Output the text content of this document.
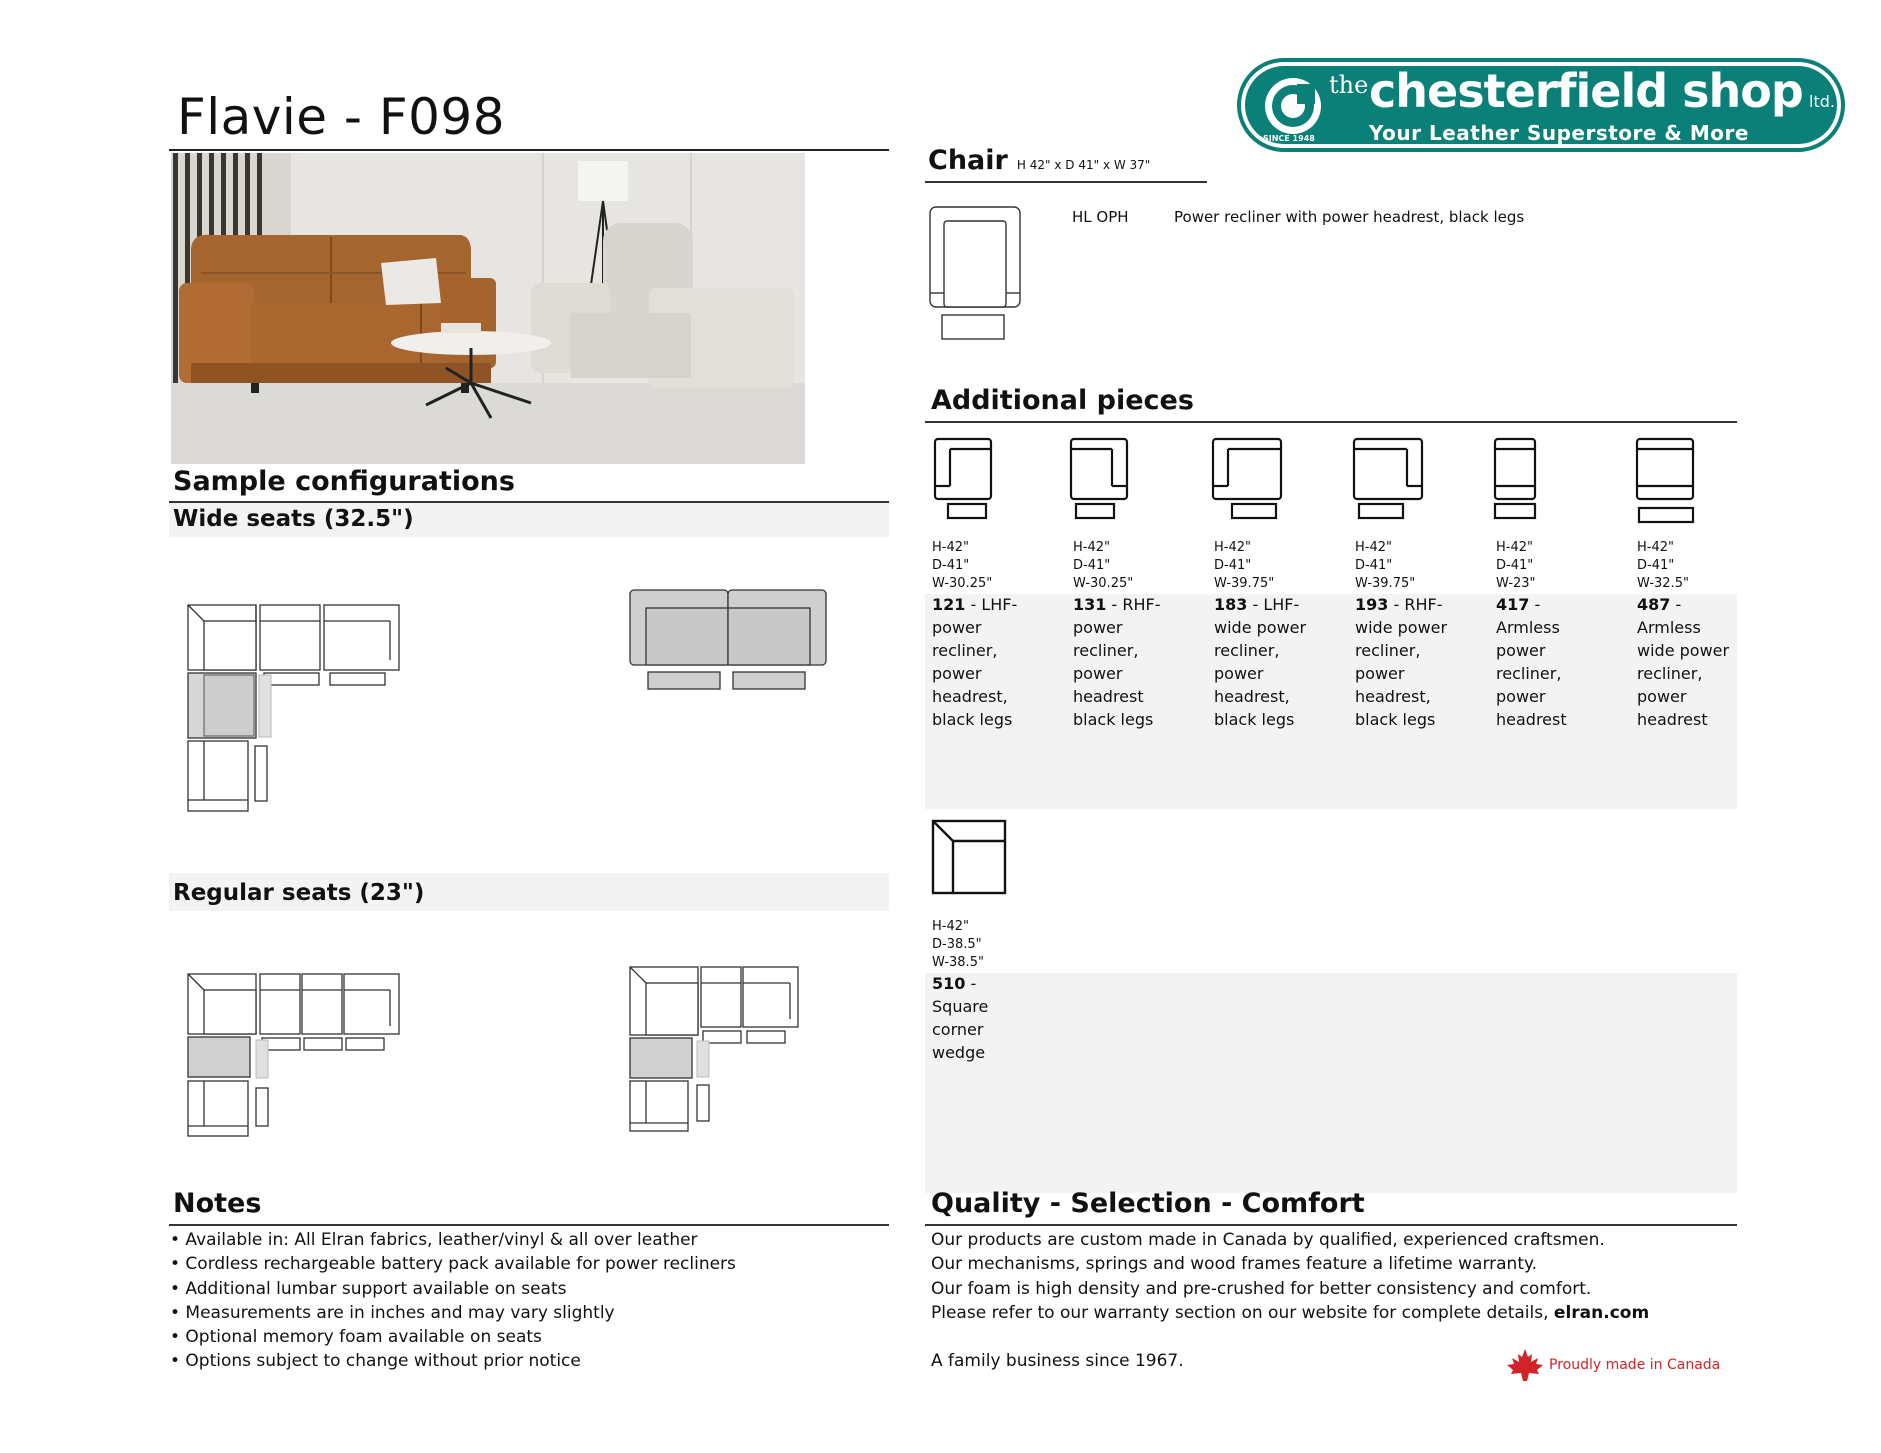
Flavie - F098	SINCE 1948
the chesterfield shop ltd.
Your Leather Superstore & More
Sample configurations
Wide seats (32.5")
Regular seats (23")
Notes
• Available in: All Elran fabrics, leather/vinyl & all over leather
• Cordless rechargeable battery pack available for power recliners
• Additional lumbar support available on seats
• Measurements are in inches and may vary slightly
• Optional memory foam available on seats
• Options subject to change without prior notice
Chair H 42" x D 41" x W 37"
HL OPH	Power recliner with power headrest, black legs
Additional pieces
H-42"
D-41"
W-30.25"
121 - LHF- power recliner, power headrest, black legs
H-42"
D-41"
W-30.25"
131 - RHF- power recliner, power headrest black legs
H-42"
D-41"
W-39.75"
183 - LHF- wide power recliner, power headrest, black legs
H-42"
D-41"
W-39.75"
193 - RHF- wide power recliner, power headrest, black legs
H-42"
D-41"
W-23"
417 - Armless power recliner, power headrest
H-42"
D-41"
W-32.5"
487 - Armless wide power recliner, power headrest
H-42"
D-38.5"
W-38.5"
510 - Square corner wedge
Quality - Selection - Comfort

Our products are custom made in Canada by qualified, experienced craftsmen.

Our mechanisms, springs and wood frames feature a lifetime warranty.

Our foam is high density and pre-crushed for better consistency and comfort.

Please refer to our warranty section on our website for complete details, elran.com

A family business since 1967.	Proudly made in Canada
